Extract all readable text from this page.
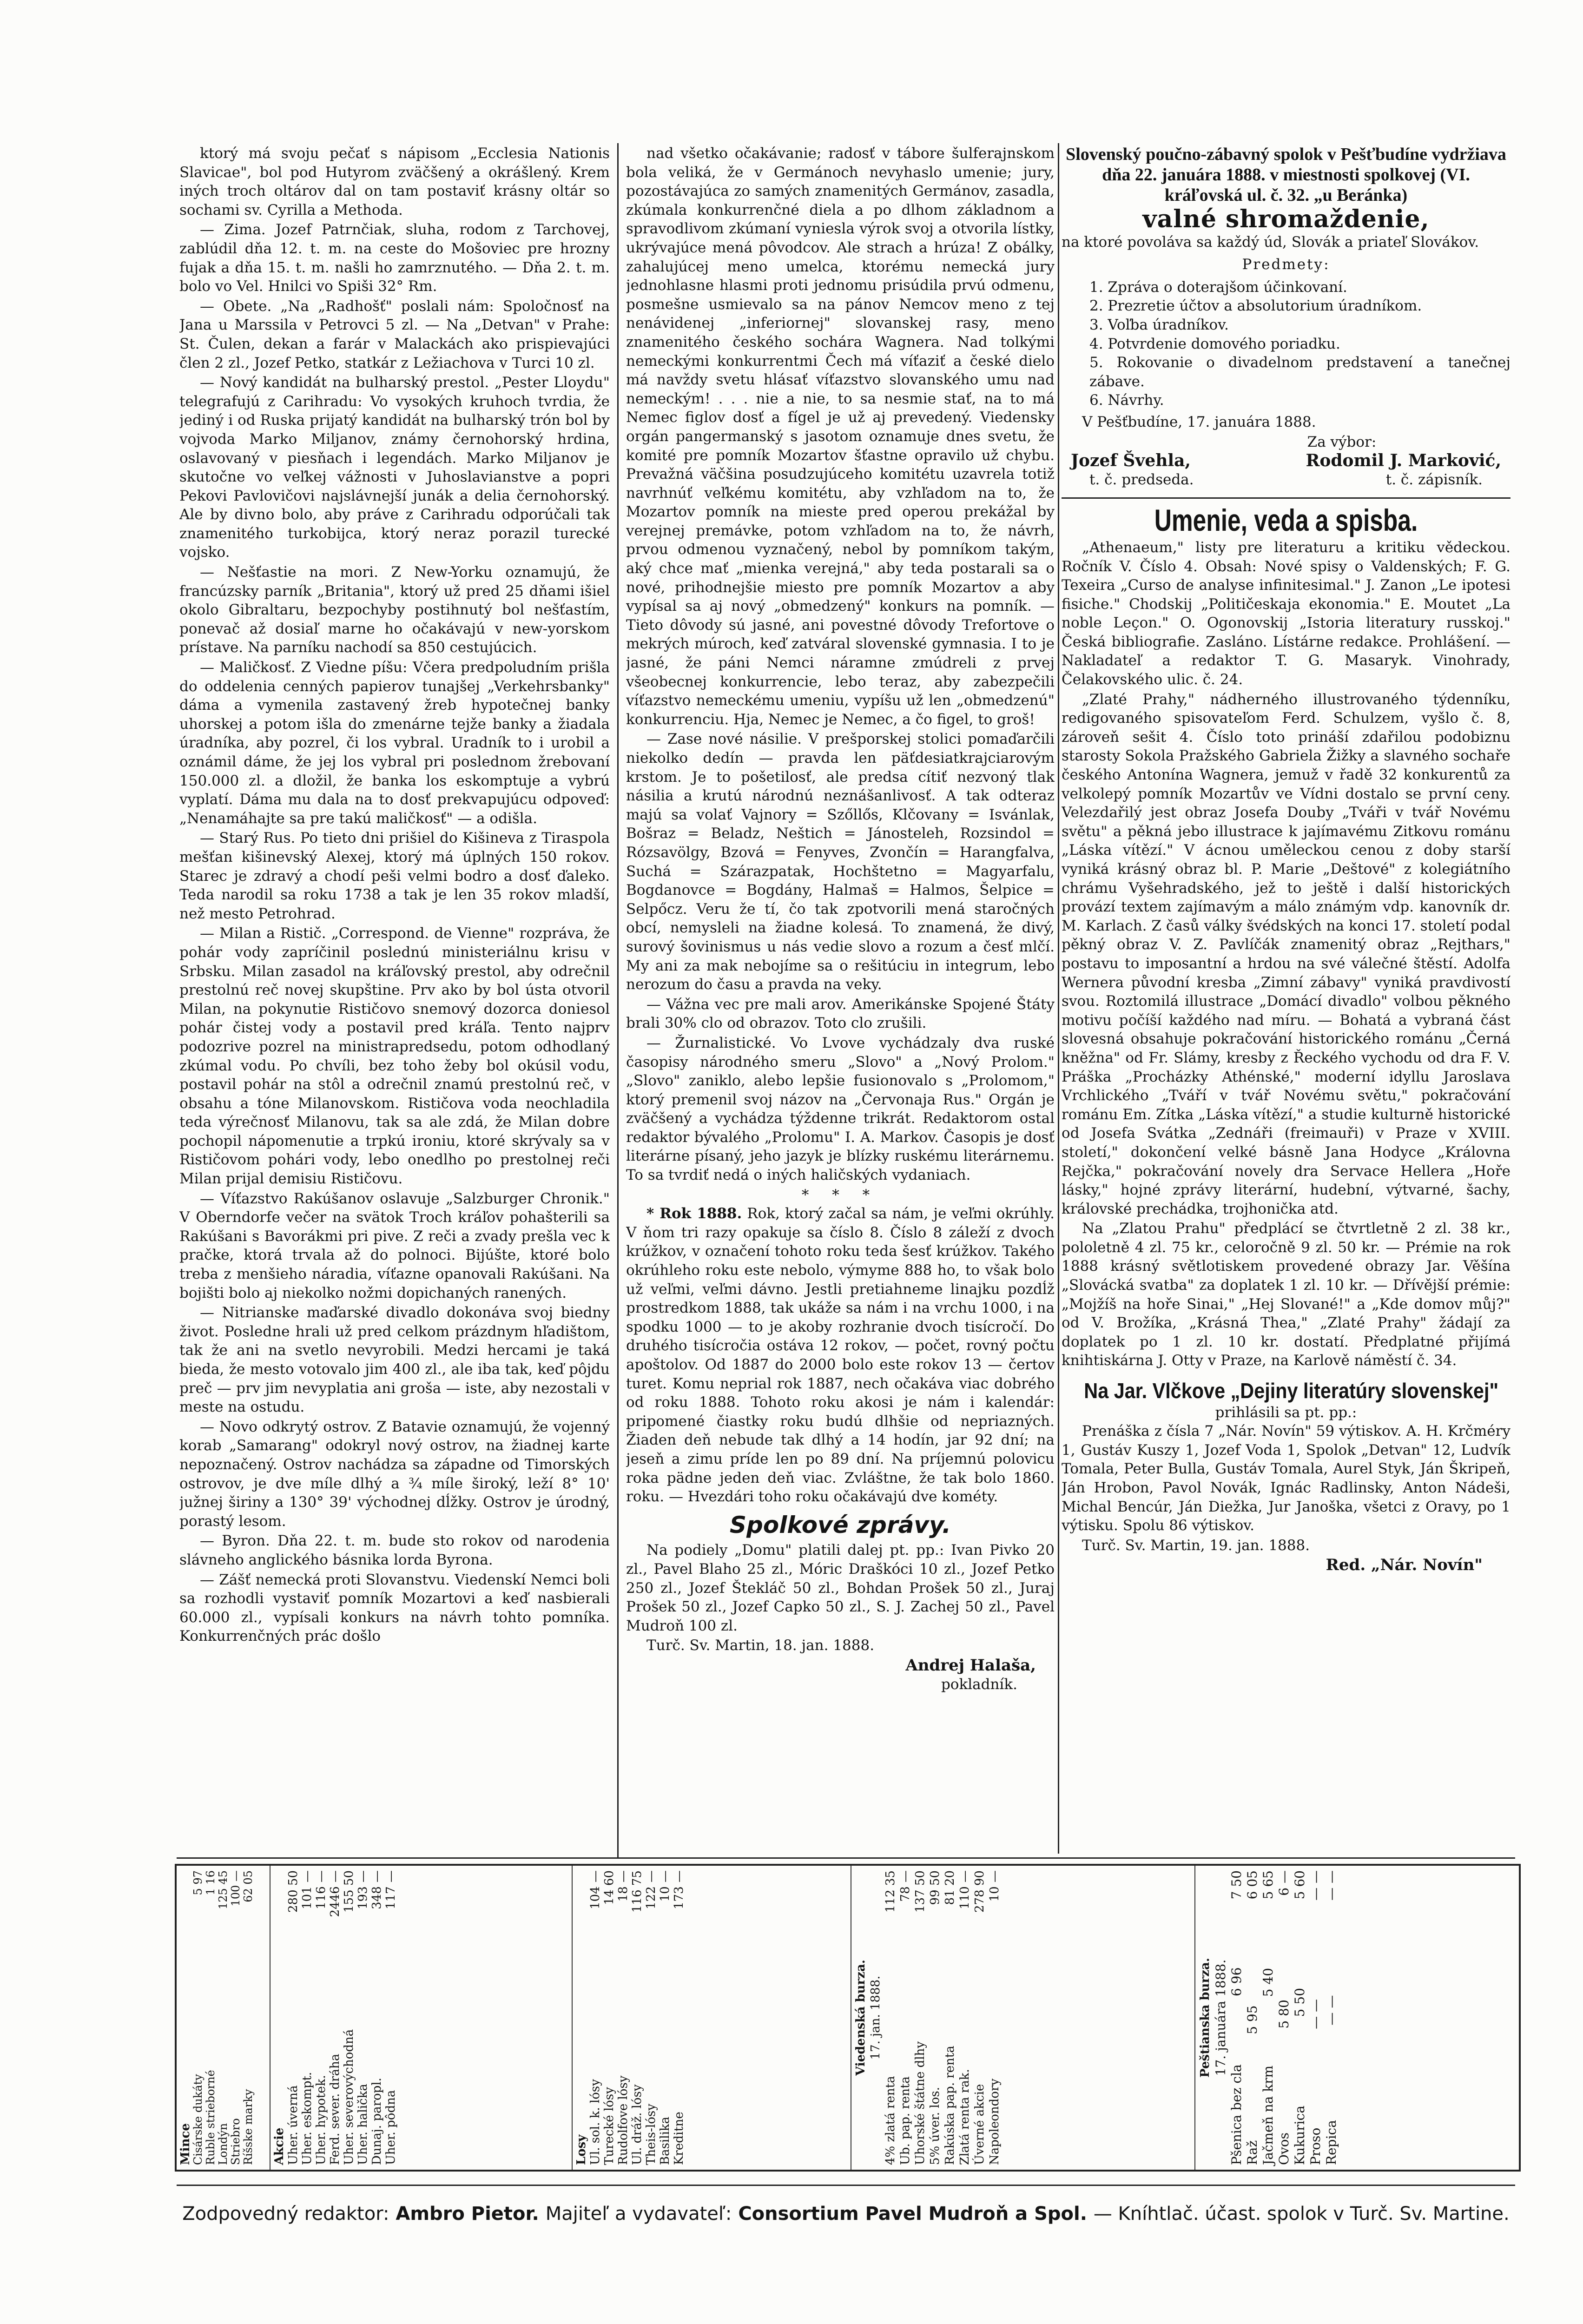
ktorý má svoju pečať s nápisom „Ecclesia Nationis Slavicae", bol pod Hutyrom zväčšený a okrášlený. Krem iných troch oltárov dal on tam postaviť krásny oltár so sochami sv. Cyrilla a Methoda.

— Zima. Jozef Patrnčiak, sluha, rodom z Tarchovej, zablúdil dňa 12. t. m. na ceste do Mošoviec pre hrozny fujak a dňa 15. t. m. našli ho zamrznutého. — Dňa 2. t. m. bolo vo Vel. Hnilci vo Spiši 32° Rm.

— Obete. „Na „Radhošť" poslali nám: Spoločnosť na Jana u Marssila v Petrovci 5 zl. — Na „Detvan" v Prahe: St. Čulen, dekan a farár v Malackách ako prispievajúci člen 2 zl., Jozef Petko, statkár z Ležiachova v Turci 10 zl.

— Nový kandidát na bulharský prestol. „Pester Lloydu" telegrafujú z Carihradu: Vo vysokých kruhoch tvrdia, že jediný i od Ruska prijatý kandidát na bulharský trón bol by vojvoda Marko Miljanov, známy černohorský hrdina, oslavovaný v piesňach i legendách. Marko Miljanov je skutočne vo veľkej vážnosti v Juhoslavianstve a popri Pekovi Pavlovičovi najslávnejší junák a delia černohorský. Ale by divno bolo, aby práve z Carihradu odporúčali tak znamenitého turkobijca, ktorý neraz porazil turecké vojsko.

— Nešťastie na mori. Z New-Yorku oznamujú, že francúzsky parník „Britania", ktorý už pred 25 dňami išiel okolo Gibraltaru, bezpochyby postihnutý bol nešťastím, ponevač až dosiaľ marne ho očakávajú v new-yorskom prístave. Na parníku nachodí sa 850 cestujúcich.

— Maličkosť. Z Viedne píšu: Včera predpoludním prišla do oddelenia cenných papierov tunajšej „Verkehrsbanky" dáma a vymenila zastavený žreb hypotečnej banky uhorskej a potom išla do zmenárne tejže banky a žiadala úradníka, aby pozrel, či los vybral. Uradník to i urobil a oznámil dáme, že jej los vybral pri poslednom žrebovaní 150.000 zl. a dložil, že banka los eskomptuje a vybrú vyplatí. Dáma mu dala na to dosť prekvapujúcu odpoveď: „Nenamáhajte sa pre takú maličkosť" — a odišla.

— Starý Rus. Po tieto dni prišiel do Kišineva z Tiraspola mešťan kišinevský Alexej, ktorý má úplných 150 rokov. Starec je zdravý a chodí peši velmi bodro a dosť ďaleko. Teda narodil sa roku 1738 a tak je len 35 rokov mladší, než mesto Petrohrad.

— Milan a Ristič. „Correspond. de Vienne" rozpráva, že pohár vody zapríčinil poslednú ministeriálnu krisu v Srbsku. Milan zasadol na kráľovský prestol, aby odrečnil prestolnú reč novej skupštine. Prv ako by bol ústa otvoril Milan, na pokynutie Rističovo snemový dozorca doniesol pohár čistej vody a postavil pred kráľa. Tento najprv podozrive pozrel na ministrapredsedu, potom odhodlaný zkúmal vodu. Po chvíli, bez toho žeby bol okúsil vodu, postavil pohár na stôl a odrečnil znamú prestolnú reč, v obsahu a tóne Milanovskom. Rističova voda neochladila teda výrečnosť Milanovu, tak sa ale zdá, že Milan dobre pochopil nápomenutie a trpkú ironiu, ktoré skrývaly sa v Rističovom pohári vody, lebo onedlho po prestolnej reči Milan prijal demisiu Rističovu.

— Víťazstvo Rakúšanov oslavuje „Salzburger Chronik." V Oberndorfe večer na svätok Troch kráľov pohašterili sa Rakúšani s Bavorákmi pri pive. Z reči a zvady prešla vec k pračke, ktorá trvala až do polnoci. Bijúšte, ktoré bolo treba z menšieho náradia, víťazne opanovali Rakúšani. Na bojišti bolo aj niekolko nožmi dopichaných ranených.

— Nitrianske maďarské divadlo dokonáva svoj biedny život. Posledne hrali už pred celkom prázdnym hľadištom, tak že ani na svetlo nevyrobili. Medzi hercami je taká bieda, že mesto votovalo jim 400 zl., ale iba tak, keď pôjdu preč — prv jim nevyplatia ani groša — iste, aby nezostali v meste na ostudu.

— Novo odkrytý ostrov. Z Batavie oznamujú, že vojenný korab „Samarang" odokryl nový ostrov, na žiadnej karte nepoznačený. Ostrov nachádza sa západne od Timorských ostrovov, je dve míle dlhý a ¾ míle široký, leží 8° 10' južnej širiny a 130° 39' východnej dĺžky. Ostrov je úrodný, porastý lesom.

— Byron. Dňa 22. t. m. bude sto rokov od narodenia slávneho anglického básnika lorda Byrona.

— Zášť nemecká proti Slovanstvu. Viedenskí Nemci boli sa rozhodli vystaviť pomník Mozartovi a keď nasbierali 60.000 zl., vypísali konkurs na návrh tohto pomníka. Konkurrenčných prác došlo

nad všetko očakávanie; radosť v tábore šulferajnskom bola veliká, že v Germánoch nevyhaslo umenie; jury, pozostávajúca zo samých znamenitých Germánov, zasadla, zkúmala konkurrenčné diela a po dlhom základnom a spravodlivom zkúmaní vyniesla výrok svoj a otvorila lístky, ukrývajúce mená pôvodcov. Ale strach a hrúza! Z obálky, zahalujúcej meno umelca, ktorému nemecká jury jednohlasne hlasmi proti jednomu prisúdila prvú odmenu, posmešne usmievalo sa na pánov Nemcov meno z tej nenávidenej „inferiornej" slovanskej rasy, meno znamenitého českého sochára Wagnera. Nad tolkými nemeckými konkurrentmi Čech má víťaziť a české dielo má navždy svetu hlásať víťazstvo slovanského umu nad nemeckým! . . . nie a nie, to sa nesmie stať, na to má Nemec figlov dosť a fígel je už aj prevedený. Viedensky orgán pangermanský s jasotom oznamuje dnes svetu, že komité pre pomník Mozartov šťastne opravilo už chybu. Prevažná väčšina posudzujúceho komitétu uzavrela totiž navrhnúť veľkému komitétu, aby vzhľadom na to, že Mozartov pomník na mieste pred operou prekážal by verejnej premávke, potom vzhľadom na to, že návrh, prvou odmenou vyznačený, nebol by pomníkom takým, aký chce mať „mienka verejná," aby teda postarali sa o nové, prihodnejšie miesto pre pomník Mozartov a aby vypísal sa aj nový „obmedzený" konkurs na pomník. — Tieto dôvody sú jasné, ani povestné dôvody Trefortove o mekrých múroch, keď zatváral slovenské gymnasia. I to je jasné, že páni Nemci náramne zmúdreli z prvej všeobecnej konkurrencie, lebo teraz, aby zabezpečili víťazstvo nemeckému umeniu, vypíšu už len „obmedzenú" konkurrenciu. Hja, Nemec je Nemec, a čo figel, to groš!

— Zase nové násilie. V prešporskej stolici pomaďarčili niekolko dedín — pravda len päťdesiatkrajciarovým krstom. Je to pošetilosť, ale predsa cítiť nezvoný tlak násilia a krutú národnú neznášanlivosť. A tak odteraz majú sa volať Vajnory = Szőllős, Klčovany = Isvánlak, Bošraz = Beladz, Neštich = Jánosteleh, Rozsindol = Rózsavölgy, Bzová = Fenyves, Zvončín = Harangfalva, Suchá = Szárazpatak, Hochštetno = Magyarfalu, Bogdanovce = Bogdány, Halmaš = Halmos, Šelpice = Selpőcz. Veru že tí, čo tak zpotvorili mená staročných obcí, nemysleli na žiadne kolesá. To znamená, že divý, surový šovinismus u nás vedie slovo a rozum a česť mlčí. My ani za mak nebojíme sa o rešitúciu in integrum, lebo nerozum do času a pravda na veky.

— Vážna vec pre mali arov. Amerikánske Spojené Štáty brali 30% clo od obrazov. Toto clo zrušili.

— Žurnalistické. Vo Lvove vychádzaly dva ruské časopisy národného smeru „Slovo" a „Nový Prolom." „Slovo" zaniklo, alebo lepšie fusionovalo s „Prolomom," ktorý premenil svoj názov na „Červonaja Rus." Orgán je zväčšený a vychádza týždenne trikrát. Redaktorom ostal redaktor bývalého „Prolomu" I. A. Markov. Časopis je dosť literárne písaný, jeho jazyk je blízky ruskému literárnemu. To sa tvrdiť nedá o iných haličských vydaniach.

* * *

* Rok 1888. Rok, ktorý začal sa nám, je veľmi okrúhly. V ňom tri razy opakuje sa číslo 8. Číslo 8 záleží z dvoch krúžkov, v označení tohoto roku teda šesť krúžkov. Takého okrúhleho roku este nebolo, výmyme 888 ho, to však bolo už veľmi, veľmi dávno. Jestli pretiahneme linajku pozdĺž prostredkom 1888, tak ukáže sa nám i na vrchu 1000, i na spodku 1000 — to je akoby rozhranie dvoch tisícročí. Do druhého tisícročia ostáva 12 rokov, — počet, rovný počtu apoštolov. Od 1887 do 2000 bolo este rokov 13 — čertov turet. Komu neprial rok 1887, nech očakáva viac dobrého od roku 1888. Tohoto roku akosi je nám i kalendár: pripomené čiastky roku budú dlhšie od nepriazných. Žiaden deň nebude tak dlhý a 14 hodín, jar 92 dní; na jeseň a zimu príde len po 89 dní. Na príjemnú polovicu roka pädne jeden deň viac. Zvláštne, že tak bolo 1860. roku. — Hvezdári toho roku očakávajú dve kométy.

Spolkové zprávy.

Na podiely „Domu" platili dalej pt. pp.: Ivan Pivko 20 zl., Pavel Blaho 25 zl., Móric Draškóci 10 zl., Jozef Petko 250 zl., Jozef Štekláč 50 zl., Bohdan Prošek 50 zl., Juraj Prošek 50 zl., Jozef Capko 50 zl., S. J. Zachej 50 zl., Pavel Mudroň 100 zl.

Turč. Sv. Martin, 18. jan. 1888.

Andrej Halaša,
pokladník.
Slovenský poučno-zábavný spolok v Pešťbudíne vydržiava dňa 22. januára 1888. v miestnosti spolkovej (VI. kráľovská ul. č. 32. „u Beránka)
valné shromaždenie,

na ktoré povoláva sa každý úd, Slovák a priateľ Slovákov.

Predmety:
1. Zpráva o doterajšom účinkovaní.
2. Prezretie účtov a absolutorium úradníkom.
3. Voľba úradníkov.
4. Potvrdenie domového poriadku.
5. Rokovanie o divadelnom predstavení a tanečnej zábave.
6. Návrhy.

V Pešťbudíne, 17. januára 1888.

Za výbor:
Jozef Švehla,	Rodomil J. Marković,
t. č. predseda.	t. č. zápisník.
Umenie, veda a spisba.

„Athenaeum," listy pre literaturu a kritiku vědeckou. Ročník V. Číslo 4. Obsah: Nové spisy o Valdenských; F. G. Texeira „Curso de analyse infinitesimal." J. Zanon „Le ipotesi fisiche." Chodskij „Političeskaja ekonomia." E. Moutet „La noble Leçon." O. Ogonovskij „Istoria literatury russkoj." Česká bibliografie. Zasláno. Lístárne redakce. Prohlášení. — Nakladateľ a redaktor T. G. Masaryk. Vinohrady, Čelakovského ulic. č. 24.

„Zlaté Prahy," nádherného illustrovaného týdenníku, redigovaného spisovateľom Ferd. Schulzem, vyšlo č. 8, zároveň sešit 4. Číslo toto prináší zdařilou podobiznu starosty Sokola Pražského Gabriela Žižky a slavného sochaře českého Antonína Wagnera, jemuž v řadě 32 konkurentů za velkolepý pomník Mozartův ve Vídni dostalo se první ceny. Velezdařilý jest obraz Josefa Douby „Tváři v tvář Novému světu" a pěkná jebo illustrace k jajímavému Zitkovu románu „Láska vítězí." V ácnou uměleckou cenou z doby starší vyniká krásný obraz bl. P. Marie „Deštové" z kolegiátního chrámu Vyšehradského, jež to ještě i další historických provází textem zajímavým a málo známým vdp. kanovník dr. M. Karlach. Z časů války švédských na konci 17. století podal pěkný obraz V. Z. Pavlíčák znamenitý obraz „Rejthars," postavu to imposantní a hrdou na své válečné štěstí. Adolfa Wernera původní kresba „Zimní zábavy" vyniká pravdivostí svou. Roztomilá illustrace „Domácí divadlo" volbou pěkného motivu počíší každého nad míru. — Bohatá a vybraná část slovesná obsahuje pokračování historického románu „Černá kněžna" od Fr. Slámy, kresby z Řeckého vychodu od dra F. V. Práška „Procházky Athénské," moderní idyllu Jaroslava Vrchlického „Tváří v tvář Novému světu," pokračování románu Em. Zítka „Láska vítězí," a studie kulturně historické od Josefa Svátka „Zednáři (freimauři) v Praze v XVIII. století," dokončení velké básně Jana Hodyce „Královna Rejčka," pokračování novely dra Servace Hellera „Hoře lásky," hojné zprávy literární, hudební, výtvarné, šachy, královské prechádka, trojhonička atd.

Na „Zlatou Prahu" předplácí se čtvrtletně 2 zl. 38 kr., pololetně 4 zl. 75 kr., celoročně 9 zl. 50 kr. — Prémie na rok 1888 krásný světlotiskem provedené obrazy Jar. Věšína „Slovácká svatba" za doplatek 1 zl. 10 kr. — Dřívější prémie: „Mojžíš na hoře Sinai," „Hej Slované!" a „Kde domov můj?" od V. Brožíka, „Krásná Thea," „Zlaté Prahy" žádají za doplatek po 1 zl. 10 kr. dostatí. Předplatné přijímá knihtiskárna J. Otty v Praze, na Karlově náměstí č. 34.

Na Jar. Vlčkove „Dejiny literatúry slovenskej"
prihlásili sa pt. pp.:

Prenáška z čísla 7 „Nár. Novín" 59 výtiskov. A. H. Krčméry 1, Gustáv Kuszy 1, Jozef Voda 1, Spolok „Detvan" 12, Ludvík Tomala, Peter Bulla, Gustáv Tomala, Aurel Styk, Ján Škripeň, Ján Hrobon, Pavol Novák, Ignác Radlinsky, Anton Nádeši, Michal Bencúr, Ján Diežka, Jur Janoška, všetci z Oravy, po 1 výtisku. Spolu 86 výtiskov.

Turč. Sv. Martin, 19. jan. 1888.

Red. „Nár. Novín"
Mince
Cisárske dukáty
5 97
Ruble strieborné
1 16
Londýn
125 45
Striebro
100 —
Ríšske marky
62 05
Akcie Uher. úverná
280 50
Uher. eskompt.
101 —
Uher. hypotek.
116 —
Ferd. sever. dráha
2446 —
Uher. severovýchodná
155 50
Uher. halička
193 —
Dunaj. paropl.
348 —
Uher. pôdna
117 —
Losy Ul. sol. k. lósy
104 —
Turecké lósy
14 60
Rudolfove lósy
18 —
Ul. dráž. lósy
116 75
Theis-lósy
122 —
Basilika
10 —
Kreditne
173 —
Viedenská burza. 17. jan. 1888.
4% zlatá renta
112 35
Ub. pap. renta
78 —
Uhorské štátne dlhy
137 50
5% úver. los.
99 50
Rakúska pap. renta
81 20
Zlatá renta rak.
110 —
Úverné akcie
278 90
Napoleondory
10 —
Peštianska burza. 17. januára 1888.
Pšenica bez cla
6 96
7 50
Raž
5 95
6 05
Jačmeň na krm
5 40
5 65
Ovos
5 80
6 —
Kukurica
5 50
5 60
Proso
— —
— —
Repica
— —
— —
Zodpovedný redaktor: Ambro Pietor. Majiteľ a vydavateľ: Consortium Pavel Mudroň a Spol. — Kníhtlač. účast. spolok v Turč. Sv. Martine.
